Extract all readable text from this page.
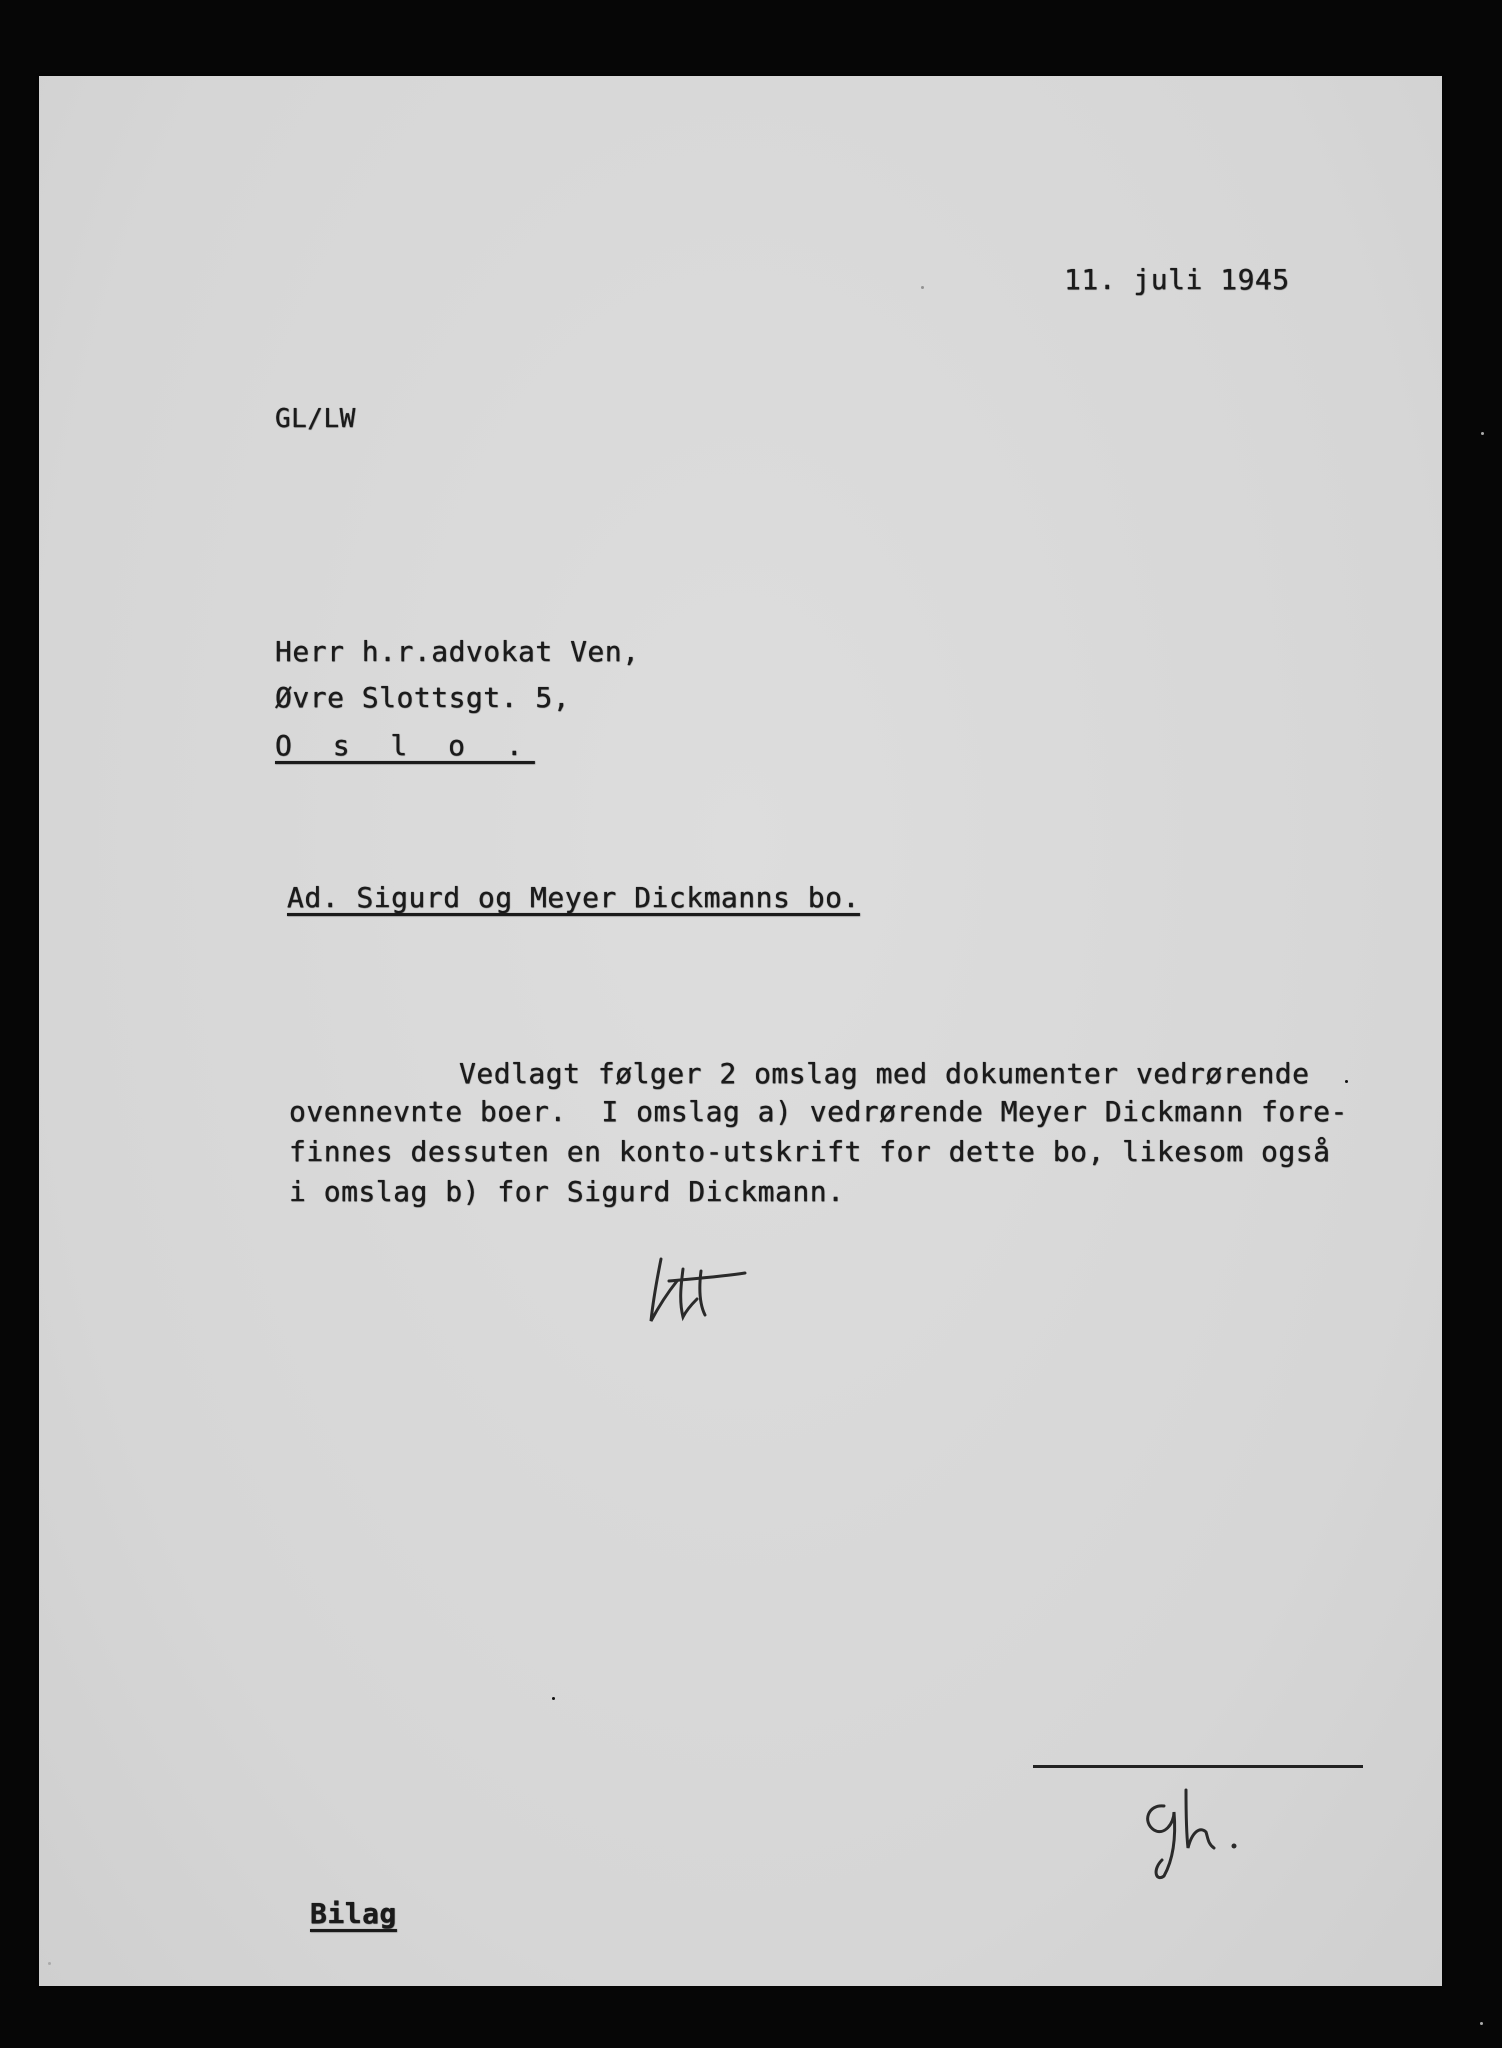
11. juli 1945
GL/LW
Herr h.r.advokat Ven,
Øvre Slottsgt. 5,
O s l o .
Ad. Sigurd og Meyer Dickmanns bo.
Vedlagt følger 2 omslag med dokumenter vedrørende
ovennevnte boer.  I omslag a) vedrørende Meyer Dickmann fore-
finnes dessuten en konto-utskrift for dette bo, likesom også
i omslag b) for Sigurd Dickmann.
Bilag
